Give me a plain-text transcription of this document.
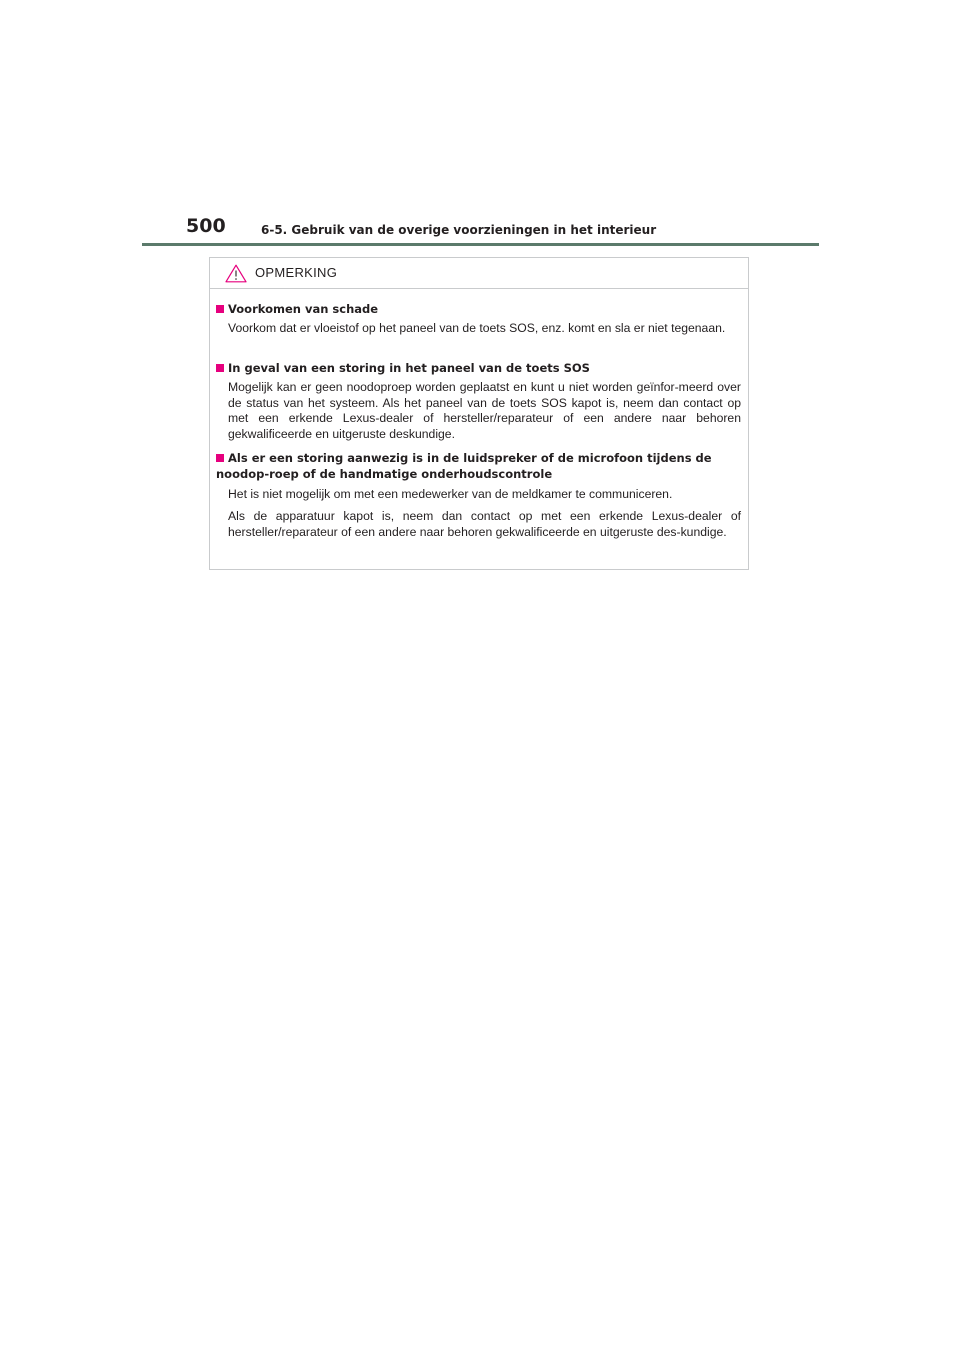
500	6-5. Gebruik van de overige voorzieningen in het interieur
OPMERKING
Voorkomen van schade
Voorkom dat er vloeistof op het paneel van de toets SOS, enz. komt en sla er niet tegenaan.
In geval van een storing in het paneel van de toets SOS
Mogelijk kan er geen noodoproep worden geplaatst en kunt u niet worden geïnfor-meerd over de status van het systeem. Als het paneel van de toets SOS kapot is, neem dan contact op met een erkende Lexus-dealer of hersteller/reparateur of een andere naar behoren gekwalificeerde en uitgeruste deskundige.
Als er een storing aanwezig is in de luidspreker of de microfoon tijdens de noodop-roep of de handmatige onderhoudscontrole
Het is niet mogelijk om met een medewerker van de meldkamer te communiceren.
Als de apparatuur kapot is, neem dan contact op met een erkende Lexus-dealer of hersteller/reparateur of een andere naar behoren gekwalificeerde en uitgeruste des-kundige.
